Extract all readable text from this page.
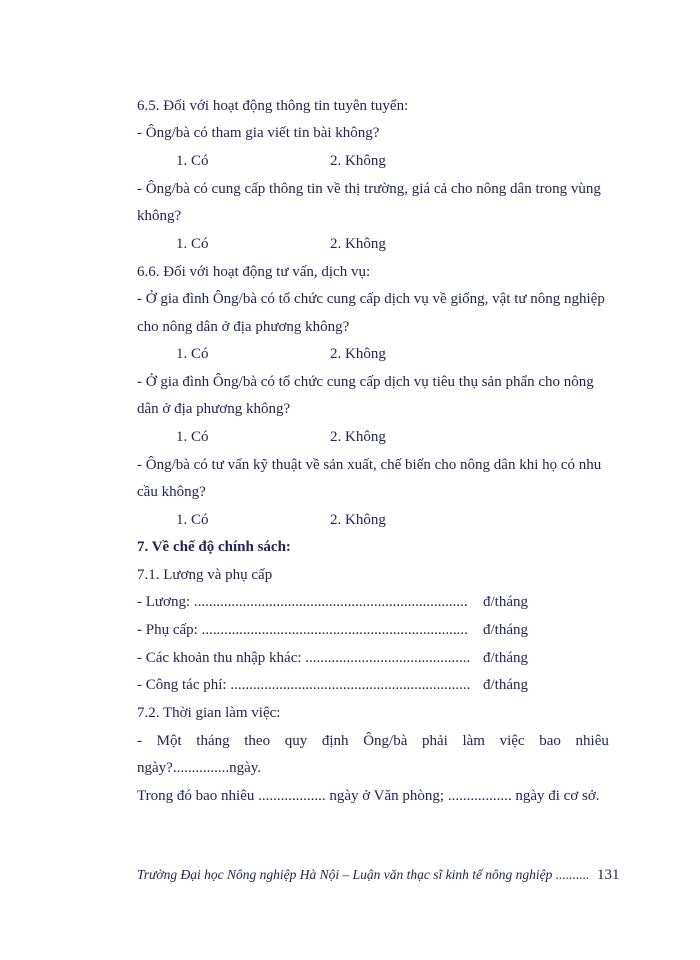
6.5. Đối với hoạt động thông tin tuyên tuyển:
- Ông/bà có tham gia viết tin bài không?
1. Có	2. Không
- Ông/bà có cung cấp thông tin về thị trường, giá cả cho nông dân trong vùng
không?
1. Có	2. Không
6.6. Đối với hoạt động tư vấn, dịch vụ:
- Ở gia đình Ông/bà có tổ chức cung cấp dịch vụ về giống, vật tư nông nghiệp
cho nông dân ở địa phương không?
1. Có	2. Không
- Ở gia đình Ông/bà có tổ chức cung cấp dịch vụ tiêu thụ sản phẩn cho nông
dân ở địa phương không?
1. Có	2. Không
- Ông/bà có tư vấn kỹ thuật về sản xuất, chế biến cho nông dân khi họ có nhu
cầu không?
1. Có	2. Không
7. Về chế độ chính sách:
7.1. Lương và phụ cấp
- Lương: ......................................................................... đ/tháng
- Phụ cấp: ....................................................................... đ/tháng
- Các khoản thu nhập khác: ............................................ đ/tháng
- Công tác phí: ................................................................ đ/tháng
7.2. Thời gian làm việc:
- Một tháng theo quy định Ông/bà phải làm việc bao nhiêu
ngày?...............ngày.
Trong đó bao nhiêu .................. ngày ở Văn phòng; ................. ngày đi cơ sở.
Trường Đại học Nông nghiệp Hà Nội – Luận văn thạc sĩ kinh tế nông nghiệp .......... 131
